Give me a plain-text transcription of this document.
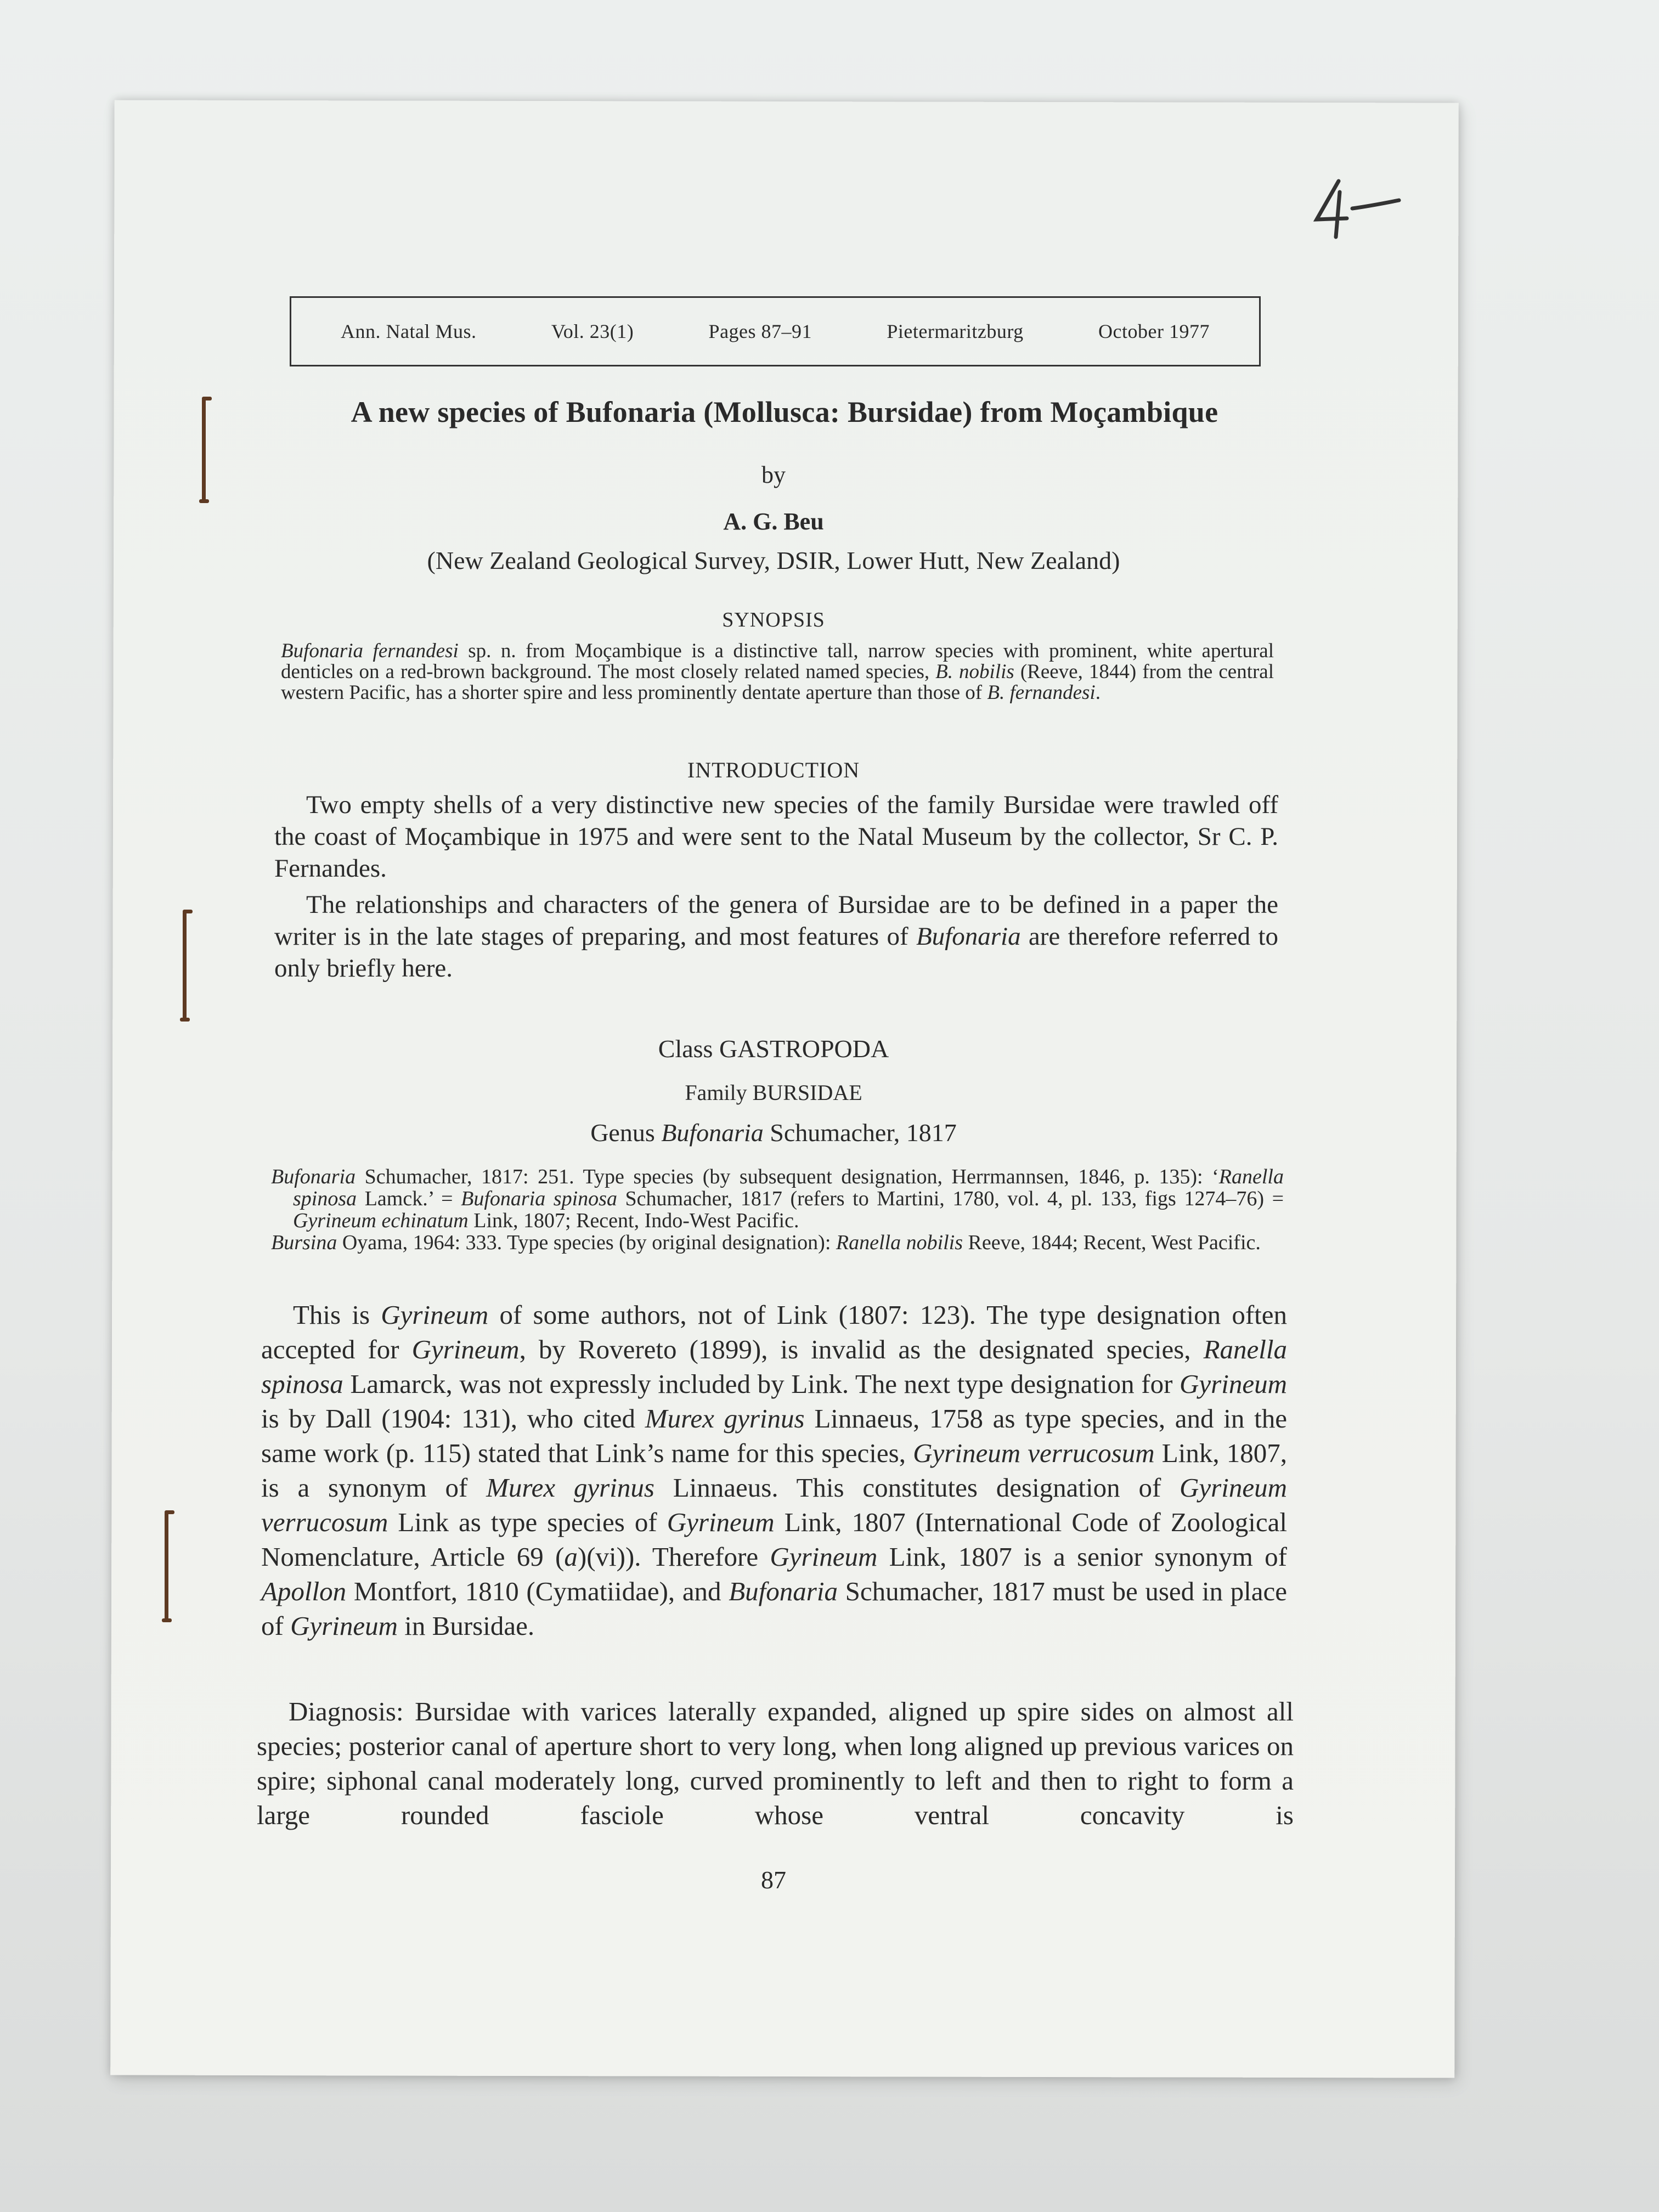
Ann. Natal Mus.	Vol. 23(1)	Pages 87–91	Pietermaritzburg	October 1977
A new species of Bufonaria (Mollusca: Bursidae) from Moçambique
by
A. G. Beu
(New Zealand Geological Survey, DSIR, Lower Hutt, New Zealand)
SYNOPSIS
Bufonaria fernandesi sp. n. from Moçambique is a distinctive tall, narrow species with prominent, white apertural denticles on a red-brown background. The most closely related named species, B. nobilis (Reeve, 1844) from the central western Pacific, has a shorter spire and less prominently dentate aperture than those of B. fernandesi.
INTRODUCTION
Two empty shells of a very distinctive new species of the family Bursidae were trawled off the coast of Moçambique in 1975 and were sent to the Natal Museum by the collector, Sr C. P. Fernandes.
The relationships and characters of the genera of Bursidae are to be defined in a paper the writer is in the late stages of preparing, and most features of Bufonaria are therefore referred to only briefly here.
Class GASTROPODA
Family BURSIDAE
Genus Bufonaria Schumacher, 1817

Bufonaria Schumacher, 1817: 251. Type species (by subsequent designation, Herrmannsen, 1846, p. 135): ‘Ranella spinosa Lamck.’ = Bufonaria spinosa Schumacher, 1817 (refers to Martini, 1780, vol. 4, pl. 133, figs 1274–76) = Gyrineum echinatum Link, 1807; Recent, Indo-West Pacific.

Bursina Oyama, 1964: 333. Type species (by original designation): Ranella nobilis Reeve, 1844; Recent, West Pacific.

This is Gyrineum of some authors, not of Link (1807: 123). The type designation often accepted for Gyrineum, by Rovereto (1899), is invalid as the designated species, Ranella spinosa Lamarck, was not expressly included by Link. The next type designation for Gyrineum is by Dall (1904: 131), who cited Murex gyrinus Linnaeus, 1758 as type species, and in the same work (p. 115) stated that Link’s name for this species, Gyrineum verrucosum Link, 1807, is a synonym of Murex gyrinus Linnaeus. This constitutes designation of Gyrineum verrucosum Link as type species of Gyrineum Link, 1807 (International Code of Zoological Nomenclature, Article 69 (a)(vi)). Therefore Gyrineum Link, 1807 is a senior synonym of Apollon Montfort, 1810 (Cymatiidae), and Bufonaria Schumacher, 1817 must be used in place of Gyrineum in Bursidae.
Diagnosis: Bursidae with varices laterally expanded, aligned up spire sides on almost all species; posterior canal of aperture short to very long, when long aligned up previous varices on spire; siphonal canal moderately long, curved prominently to left and then to right to form a large rounded fasciole whose ventral concavity is
87
